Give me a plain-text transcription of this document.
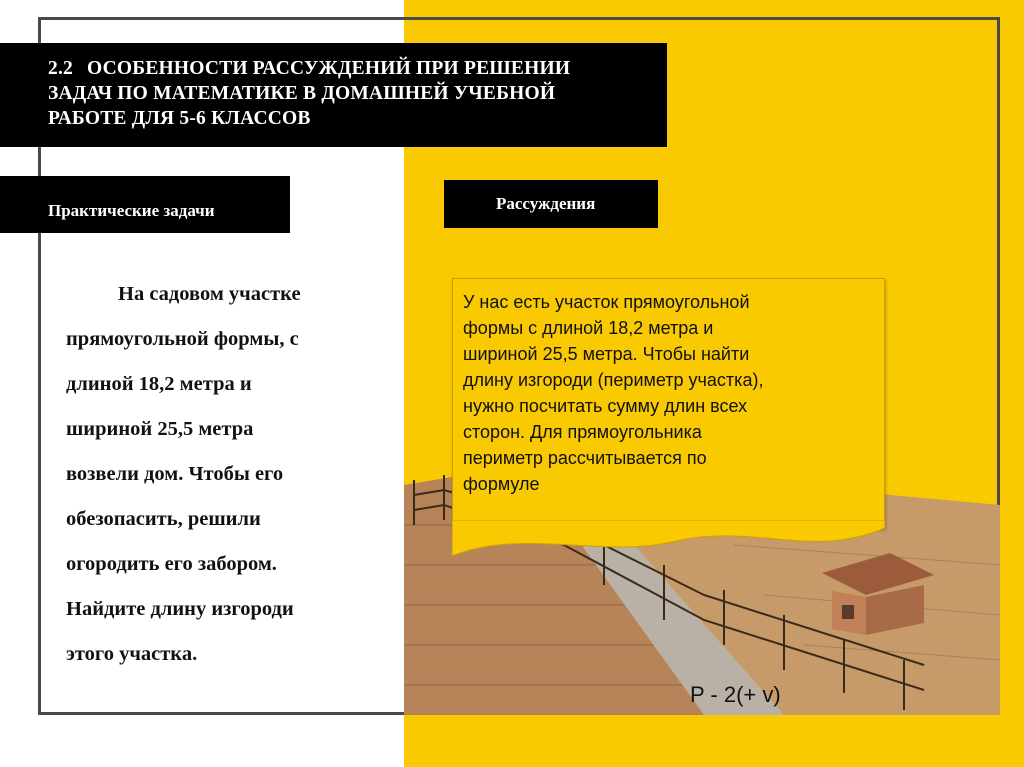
2.2 ОСОБЕННОСТИ РАССУЖДЕНИЙ ПРИ РЕШЕНИИ
ЗАДАЧ ПО МАТЕМАТИКЕ В ДОМАШНЕЙ УЧЕБНОЙ
РАБОТЕ ДЛЯ 5-6 КЛАССОВ
Практические задачи	Рассуждения
На садовом участке
прямоугольной формы, с
длиной 18,2 метра и
шириной 25,5 метра
возвели дом. Чтобы его
обезопасить, решили
огородить его забором.
Найдите длину изгороди
этого участка.
У нас есть участок прямоугольной
формы с длиной 18,2 метра и
шириной 25,5 метра. Чтобы найти
длину изгороди (периметр участка),
нужно посчитать сумму длин всех
сторон. Для прямоугольника
периметр рассчитывается по
формуле
P - 2(+ v)
